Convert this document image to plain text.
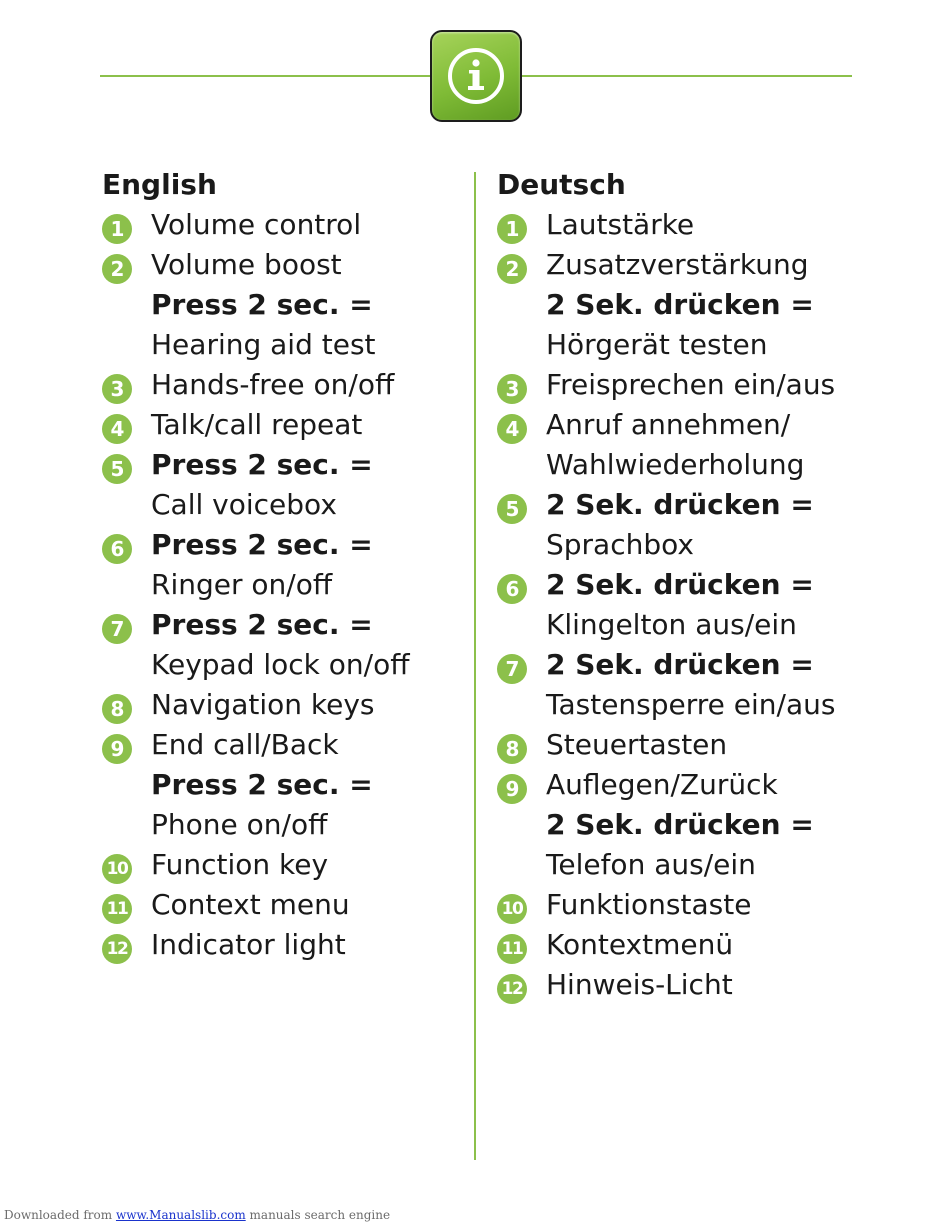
English
1 Volume control
2 Volume boost
Press 2 sec. =
Hearing aid test
3 Hands-free on/off
4 Talk/call repeat
5 Press 2 sec. =
Call voicebox
6 Press 2 sec. =
Ringer on/off
7 Press 2 sec. =
Keypad lock on/off
8 Navigation keys
9 End call/Back
Press 2 sec. =
Phone on/off
10 Function key
11 Context menu
12 Indicator light
Deutsch
1 Lautstärke
2 Zusatzverstärkung
2 Sek. drücken =
Hörgerät testen
3 Freisprechen ein/aus
4 Anruf annehmen/
Wahlwiederholung
5 2 Sek. drücken =
Sprachbox
6 2 Sek. drücken =
Klingelton aus/ein
7 2 Sek. drücken =
Tastensperre ein/aus
8 Steuertasten
9 Auflegen/Zurück
2 Sek. drücken =
Telefon aus/ein
10 Funktionstaste
11 Kontextmenü
12 Hinweis-Licht
Downloaded from www.Manualslib.com manuals search engine
